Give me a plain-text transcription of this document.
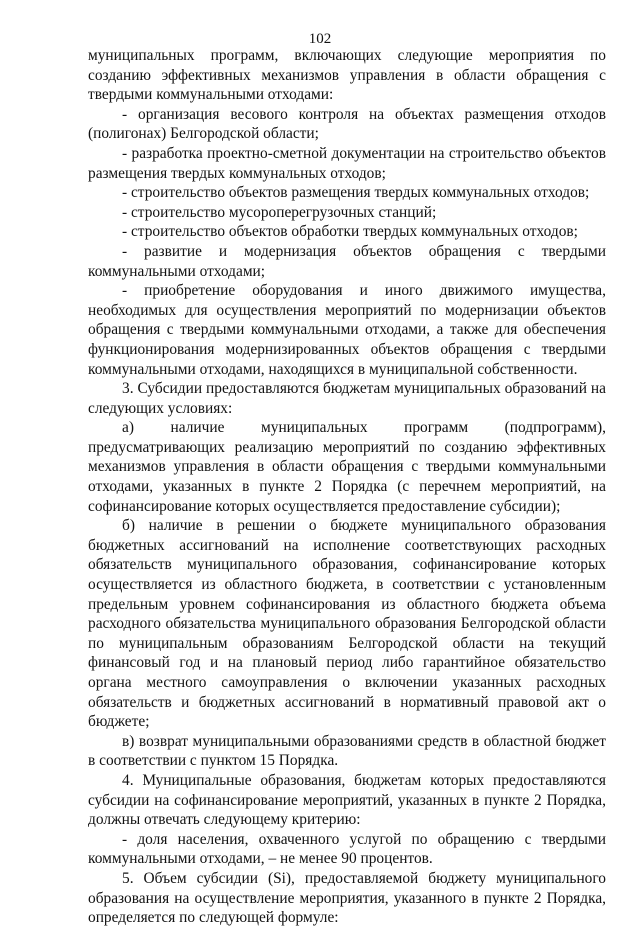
102

муниципальных программ, включающих следующие мероприятия по созданию эффективных механизмов управления в области обращения с твердыми коммунальными отходами:

- организация весового контроля на объектах размещения отходов (полигонах) Белгородской области;

- разработка проектно-сметной документации на строительство объектов размещения твердых коммунальных отходов;

- строительство объектов размещения твердых коммунальных отходов;

- строительство мусороперегрузочных станций;

- строительство объектов обработки твердых коммунальных отходов;

- развитие и модернизация объектов обращения с твердыми коммунальными отходами;

- приобретение оборудования и иного движимого имущества, необходимых для осуществления мероприятий по модернизации объектов обращения с твердыми коммунальными отходами, а также для обеспечения функционирования модернизированных объектов обращения с твердыми коммунальными отходами, находящихся в муниципальной собственности.

3. Субсидии предоставляются бюджетам муниципальных образований на следующих условиях:

а) наличие муниципальных программ (подпрограмм), предусматривающих реализацию мероприятий по созданию эффективных механизмов управления в области обращения с твердыми коммунальными отходами, указанных в пункте 2 Порядка (с перечнем мероприятий, на софинансирование которых осуществляется предоставление субсидии);

б) наличие в решении о бюджете муниципального образования бюджетных ассигнований на исполнение соответствующих расходных обязательств муниципального образования, софинансирование которых осуществляется из областного бюджета, в соответствии с установленным предельным уровнем софинансирования из областного бюджета объема расходного обязательства муниципального образования Белгородской области по муниципальным образованиям Белгородской области на текущий финансовый год и на плановый период либо гарантийное обязательство органа местного самоуправления о включении указанных расходных обязательств и бюджетных ассигнований в нормативный правовой акт о бюджете;

в) возврат муниципальными образованиями средств в областной бюджет в соответствии с пунктом 15 Порядка.

4. Муниципальные образования, бюджетам которых предоставляются субсидии на софинансирование мероприятий, указанных в пункте 2 Порядка, должны отвечать следующему критерию:

- доля населения, охваченного услугой по обращению с твердыми коммунальными отходами, – не менее 90 процентов.

5. Объем субсидии (Si), предоставляемой бюджету муниципального образования на осуществление мероприятия, указанного в пункте 2 Порядка, определяется по следующей формуле:
